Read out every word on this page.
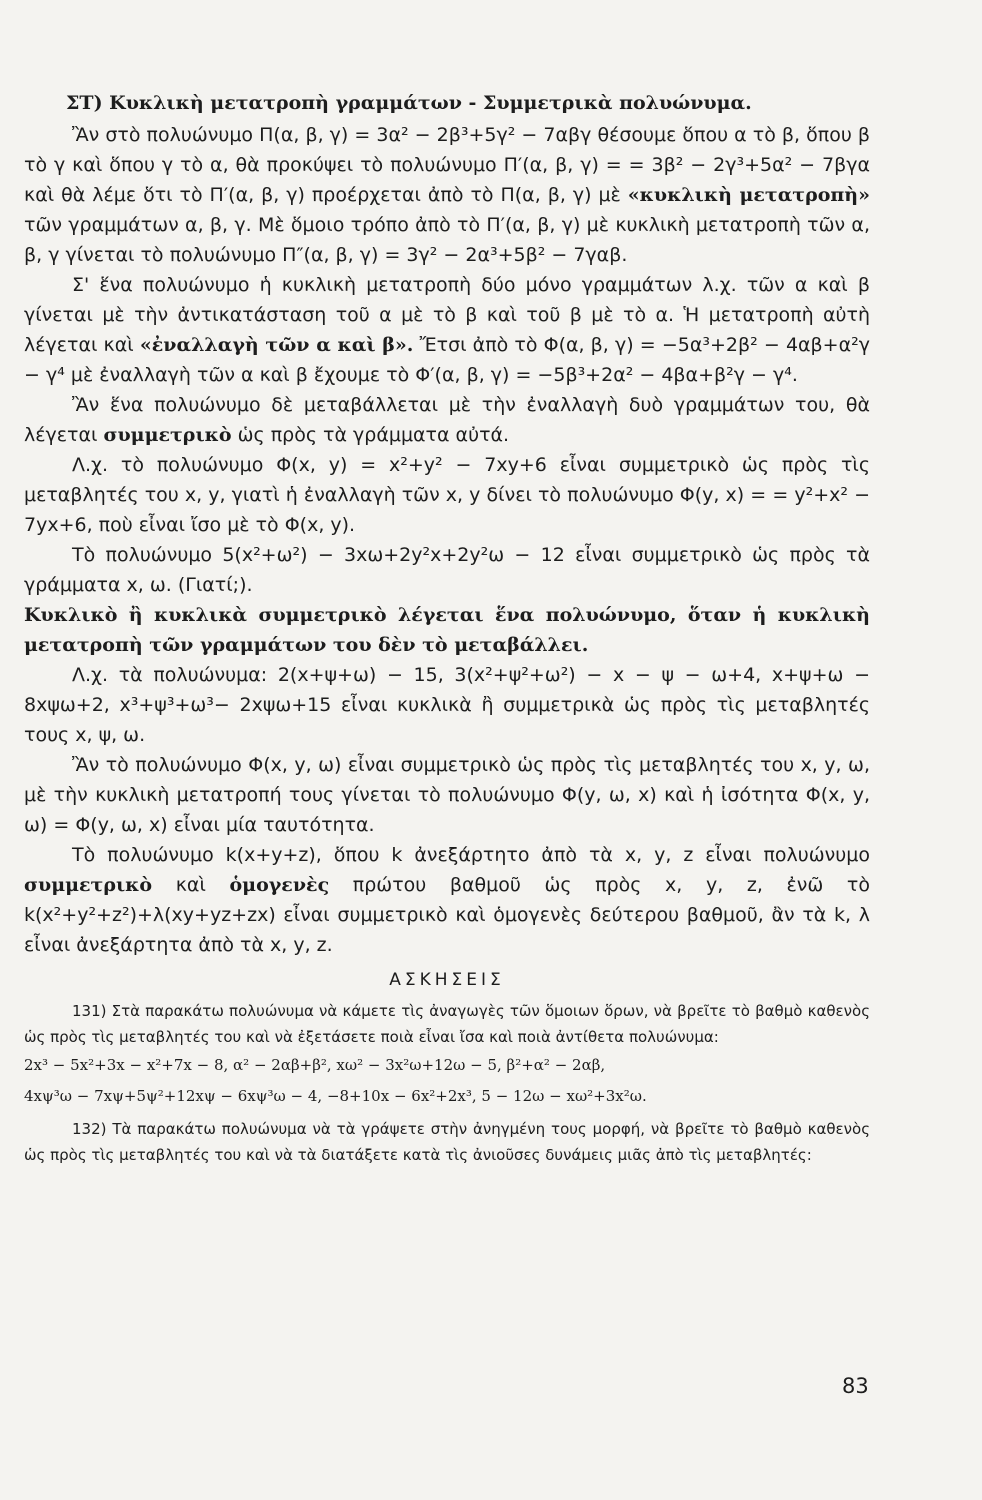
ΣΤ) Κυκλικὴ μετατροπὴ γραμμάτων - Συμμετρικὰ πολυώνυμα.

Ἂν στὸ πολυώνυμο Π(α, β, γ) = 3α² − 2β³+5γ² − 7αβγ θέσουμε ὅπου α τὸ β, ὅπου β τὸ γ καὶ ὅπου γ τὸ α, θὰ προκύψει τὸ πολυώνυμο Π′(α, β, γ) = = 3β² − 2γ³+5α² − 7βγα καὶ θὰ λέμε ὅτι τὸ Π′(α, β, γ) προέρχεται ἀπὸ τὸ Π(α, β, γ) μὲ «κυκλικὴ μετατροπὴ» τῶν γραμμάτων α, β, γ. Μὲ ὅμοιο τρόπο ἀπὸ τὸ Π′(α, β, γ) μὲ κυκλικὴ μετατροπὴ τῶν α, β, γ γίνεται τὸ πολυώνυμο Π″(α, β, γ) = 3γ² − 2α³+5β² − 7γαβ.

Σ' ἕνα πολυώνυμο ἡ κυκλικὴ μετατροπὴ δύο μόνο γραμμάτων λ.χ. τῶν α καὶ β γίνεται μὲ τὴν ἀντικατάσταση τοῦ α μὲ τὸ β καὶ τοῦ β μὲ τὸ α. Ἡ μετατροπὴ αὐτὴ λέγεται καὶ «ἐναλλαγὴ τῶν α καὶ β». Ἔτσι ἀπὸ τὸ Φ(α, β, γ) = −5α³+2β² − 4αβ+α²γ − γ⁴ μὲ ἐναλλαγὴ τῶν α καὶ β ἔχουμε τὸ Φ′(α, β, γ) = −5β³+2α² − 4βα+β²γ − γ⁴.

Ἂν ἕνα πολυώνυμο δὲ μεταβάλλεται μὲ τὴν ἐναλλαγὴ δυὸ γραμμάτων του, θὰ λέγεται συμμετρικὸ ὡς πρὸς τὰ γράμματα αὐτά.

Λ.χ. τὸ πολυώνυμο Φ(x, y) = x²+y² − 7xy+6 εἶναι συμμετρικὸ ὡς πρὸς τὶς μεταβλητές του x, y, γιατὶ ἡ ἐναλλαγὴ τῶν x, y δίνει τὸ πολυώνυμο Φ(y, x) = = y²+x² − 7yx+6, ποὺ εἶναι ἴσο μὲ τὸ Φ(x, y).

Τὸ πολυώνυμο 5(x²+ω²) − 3xω+2y²x+2y²ω − 12 εἶναι συμμετρικὸ ὡς πρὸς τὰ γράμματα x, ω. (Γιατί;).

Κυκλικὸ ἢ κυκλικὰ συμμετρικὸ λέγεται ἕνα πολυώνυμο, ὅταν ἡ κυκλικὴ μετατροπὴ τῶν γραμμάτων του δὲν τὸ μεταβάλλει.

Λ.χ. τὰ πολυώνυμα: 2(x+ψ+ω) − 15, 3(x²+ψ²+ω²) − x − ψ − ω+4, x+ψ+ω − 8xψω+2, x³+ψ³+ω³− 2xψω+15 εἶναι κυκλικὰ ἢ συμμετρικὰ ὡς πρὸς τὶς μεταβλητές τους x, ψ, ω.

Ἂν τὸ πολυώνυμο Φ(x, y, ω) εἶναι συμμετρικὸ ὡς πρὸς τὶς μεταβλητές του x, y, ω, μὲ τὴν κυκλικὴ μετατροπή τους γίνεται τὸ πολυώνυμο Φ(y, ω, x) καὶ ἡ ἰσότητα Φ(x, y, ω) = Φ(y, ω, x) εἶναι μία ταυτότητα.

Τὸ πολυώνυμο k(x+y+z), ὅπου k ἀνεξάρτητο ἀπὸ τὰ x, y, z εἶναι πολυώνυμο συμμετρικὸ καὶ ὁμογενὲς πρώτου βαθμοῦ ὡς πρὸς x, y, z, ἐνῶ τὸ k(x²+y²+z²)+λ(xy+yz+zx) εἶναι συμμετρικὸ καὶ ὁμογενὲς δεύτερου βαθμοῦ, ἂν τὰ k, λ εἶναι ἀνεξάρτητα ἀπὸ τὰ x, y, z.

ΑΣΚΗΣΕΙΣ

131) Στὰ παρακάτω πολυώνυμα νὰ κάμετε τὶς ἀναγωγὲς τῶν ὅμοιων ὅρων, νὰ βρεῖτε τὸ βαθμὸ καθενὸς ὡς πρὸς τὶς μεταβλητές του καὶ νὰ ἐξετάσετε ποιὰ εἶναι ἴσα καὶ ποιὰ ἀντίθετα πολυώνυμα:

2x³ − 5x²+3x − x²+7x − 8, α² − 2αβ+β², xω² − 3x²ω+12ω − 5, β²+α² − 2αβ,

4xψ³ω − 7xψ+5ψ²+12xψ − 6xψ³ω − 4, −8+10x − 6x²+2x³, 5 − 12ω − xω²+3x²ω.

132) Τὰ παρακάτω πολυώνυμα νὰ τὰ γράψετε στὴν ἀνηγμένη τους μορφή, νὰ βρεῖτε τὸ βαθμὸ καθενὸς ὡς πρὸς τὶς μεταβλητές του καὶ νὰ τὰ διατάξετε κατὰ τὶς ἀνιοῦσες δυνάμεις μιᾶς ἀπὸ τὶς μεταβλητές:

83
